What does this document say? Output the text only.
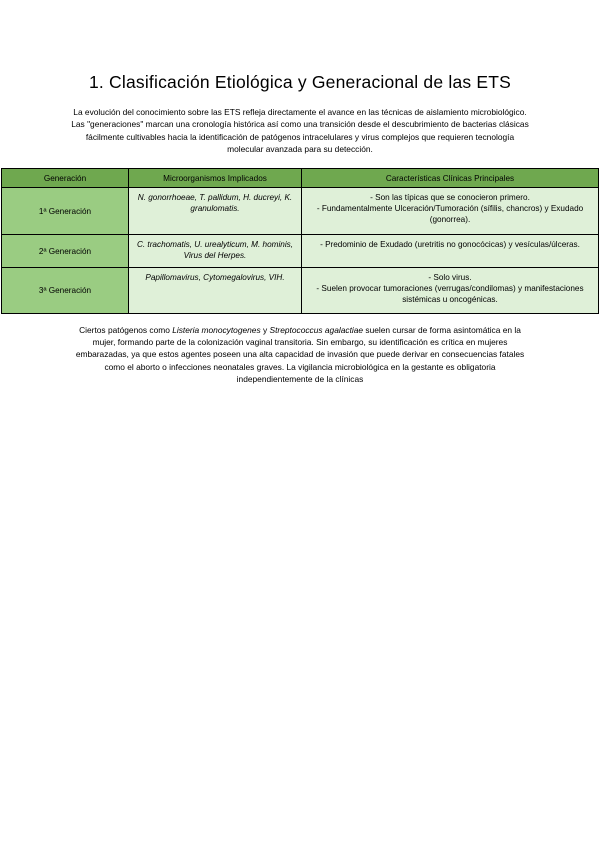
1. Clasificación Etiológica y Generacional de las ETS
La evolución del conocimiento sobre las ETS refleja directamente el avance en las técnicas de aislamiento microbiológico. Las "generaciones" marcan una cronología histórica así como una transición desde el descubrimiento de bacterias clásicas fácilmente cultivables hacia la identificación de patógenos intracelulares y virus complejos que requieren tecnología molecular avanzada para su detección.
Generación	Microorganismos Implicados	Características Clínicas Principales
1ª Generación	N. gonorrhoeae, T. pallidum, H. ducreyi, K. granulomatis.	- Son las típicas que se conocieron primero.
- Fundamentalmente Ulceración/Tumoración (sífilis, chancros) y Exudado (gonorrea).

2ª Generación	C. trachomatis, U. urealyticum, M. hominis, Virus del Herpes.	- Predominio de Exudado (uretritis no gonocócicas) y vesículas/úlceras.

3ª Generación	Papillomavirus, Cytomegalovirus, VIH.	- Solo virus.
- Suelen provocar tumoraciones (verrugas/condilomas) y manifestaciones sistémicas u oncogénicas.
Ciertos patógenos como Listeria monocytogenes y Streptococcus agalactiae suelen cursar de forma asintomática en la mujer, formando parte de la colonización vaginal transitoria. Sin embargo, su identificación es crítica en mujeres embarazadas, ya que estos agentes poseen una alta capacidad de invasión que puede derivar en consecuencias fatales como el aborto o infecciones neonatales graves. La vigilancia microbiológica en la gestante es obligatoria independientemente de la clínicas
